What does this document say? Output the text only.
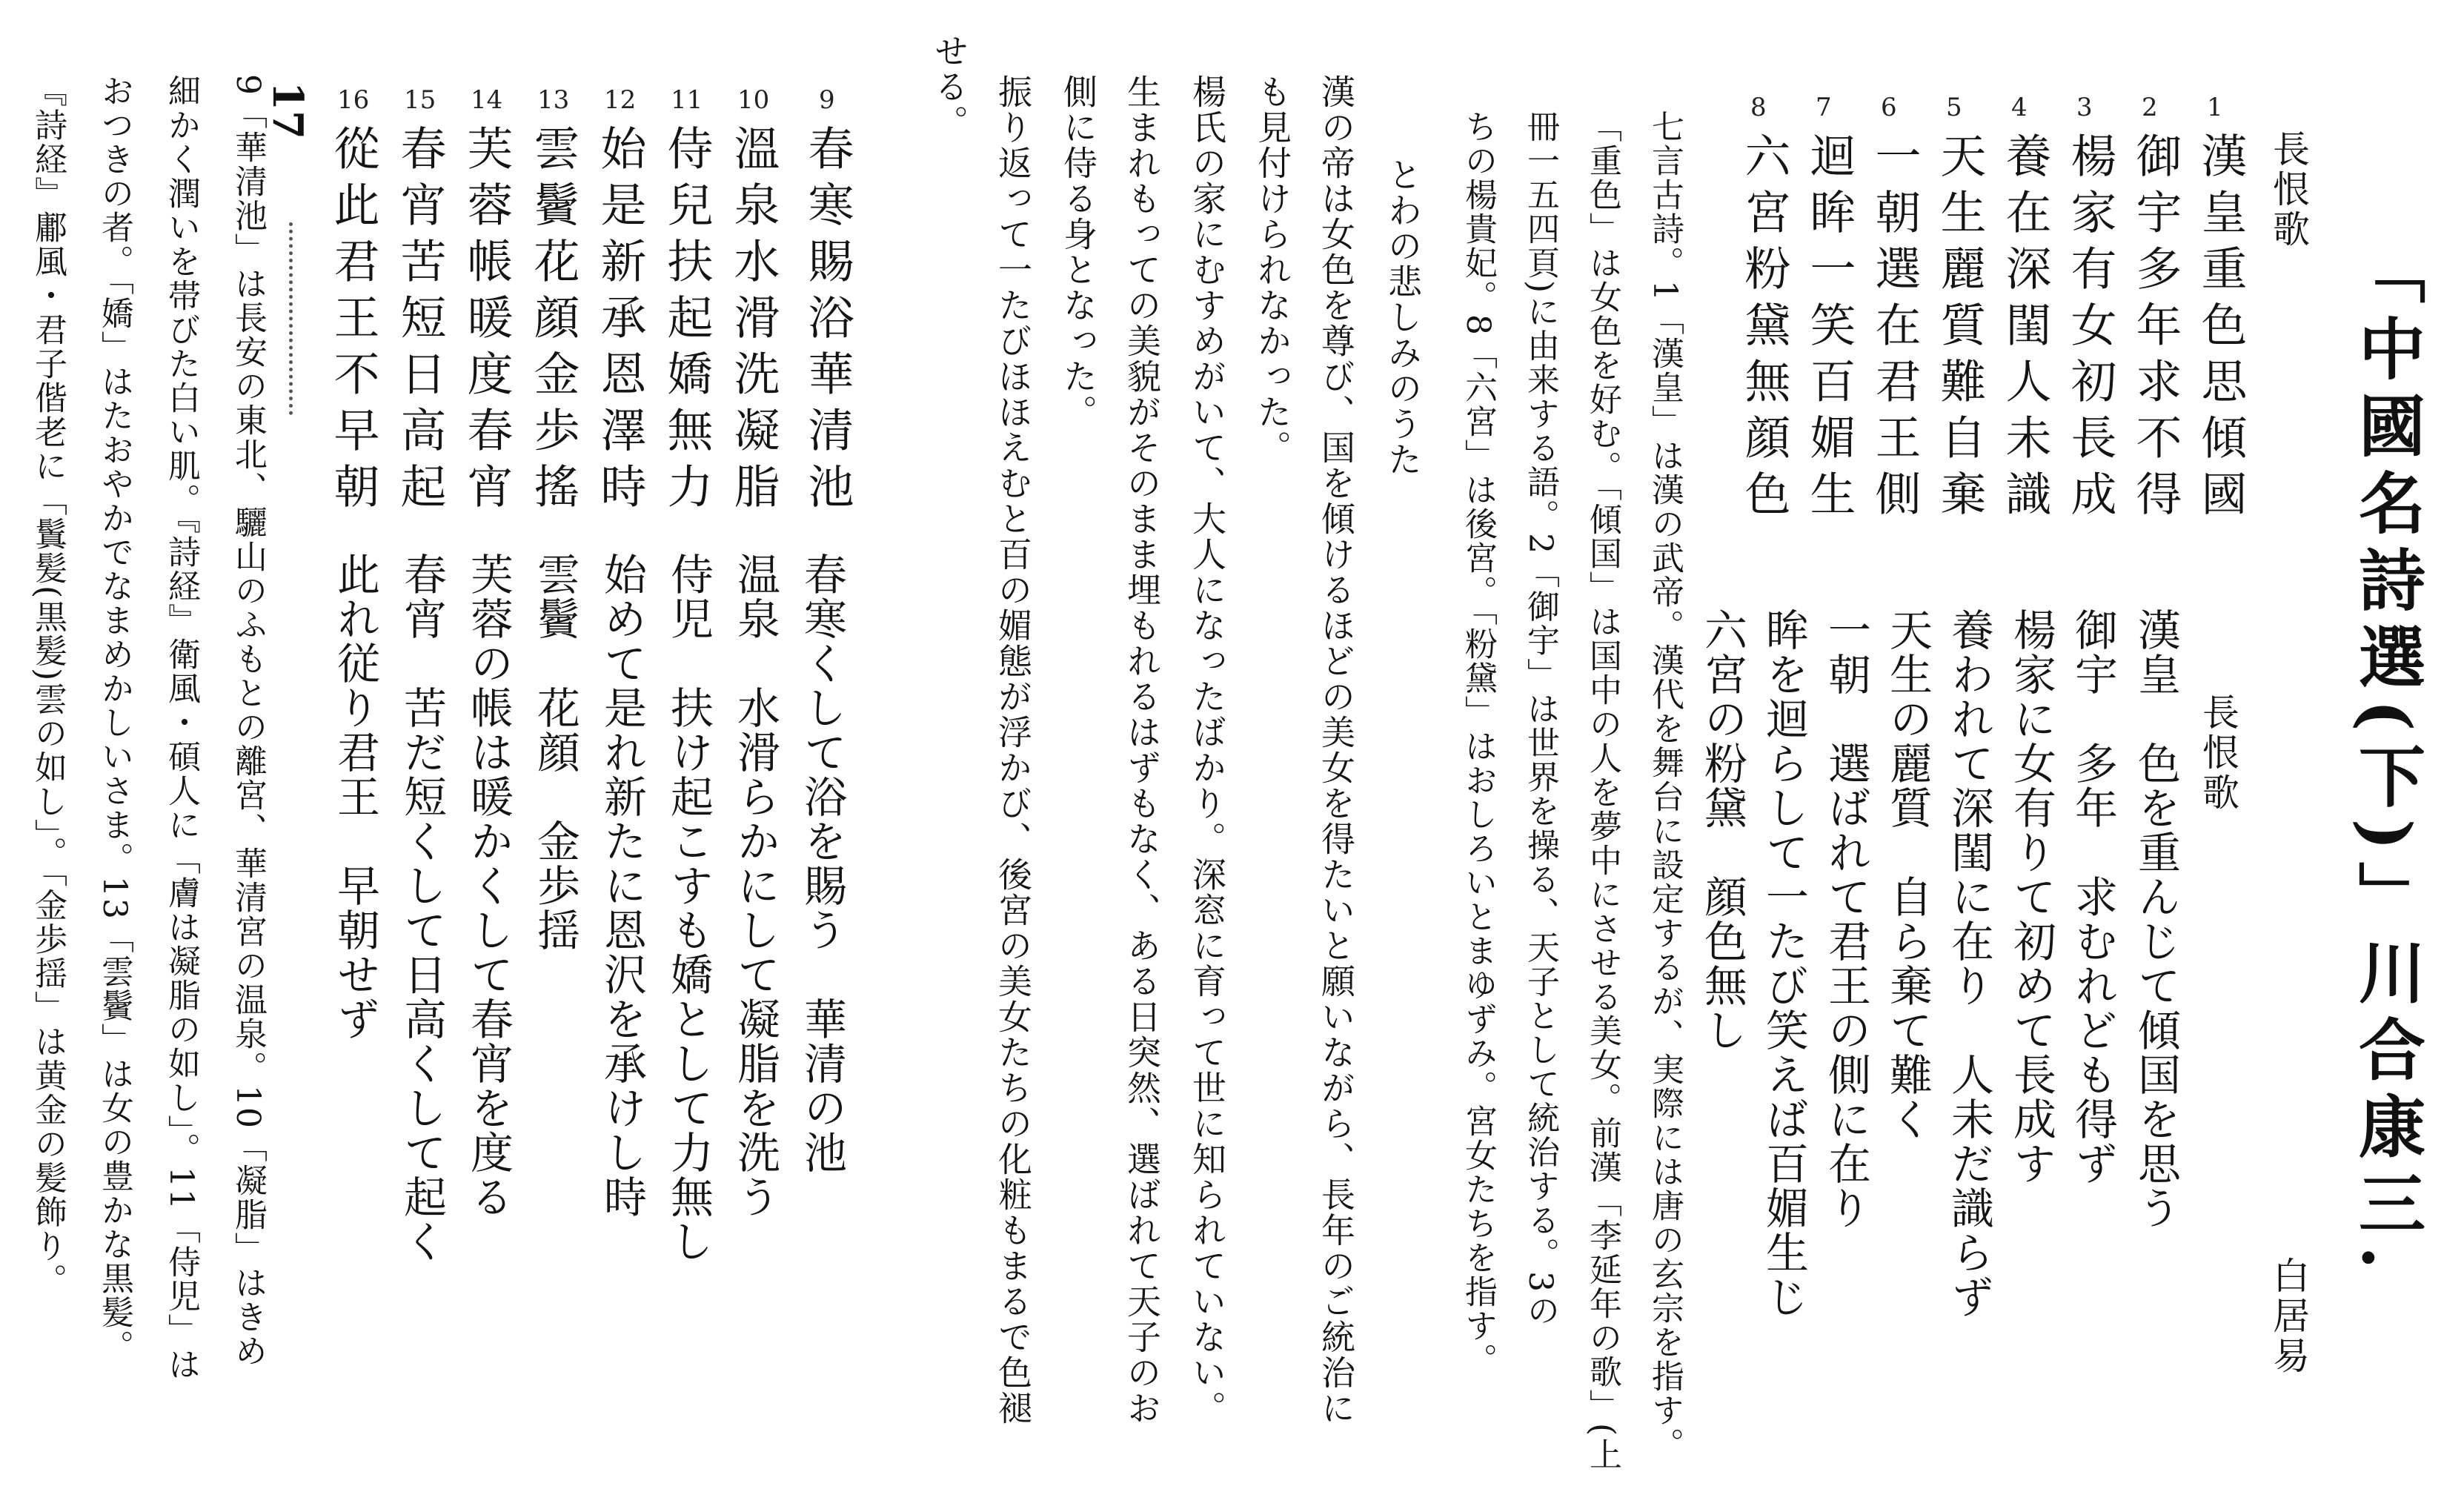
「中國名詩選(下)」川合康三.
長恨歌
白居易
1
漢皇重色思傾國
2
御宇多年求不得
3
楊家有女初長成
4
養在深閨人未識
5
天生麗質難自棄
6
一朝選在君王側
7
迴眸一笑百媚生
8
六宮粉黛無顔色
長恨歌
漢皇　色を重んじて傾国を思う
御宇　多年　求むれども得ず
楊家に女有りて初めて長成す
養われて深閨に在り　人未だ識らず
天生の麗質　自ら棄て難く
一朝　選ばれて君王の側に在り
眸を迴らして一たび笑えば百媚生じ
六宮の粉黛　顔色無し
七言古詩。1「漢皇」は漢の武帝。漢代を舞台に設定するが、実際には唐の玄宗を指す。
「重色」は女色を好む。「傾国」は国中の人を夢中にさせる美女。前漢「李延年の歌」(上
冊一五四頁)に由来する語。2「御宇」は世界を操る、天子として統治する。3の
ちの楊貴妃。8「六宮」は後宮。「粉黛」はおしろいとまゆずみ。宮女たちを指す。
とわの悲しみのうた
漢の帝は女色を尊び、国を傾けるほどの美女を得たいと願いながら、長年のご統治に
も見付けられなかった。
楊氏の家にむすめがいて、大人になったばかり。深窓に育って世に知られていない。
生まれもっての美貌がそのまま埋もれるはずもなく、ある日突然、選ばれて天子のお
側に侍る身となった。
振り返って一たびほほえむと百の媚態が浮かび、後宮の美女たちの化粧もまるで色褪
せる。
9
春寒賜浴華清池
10
溫泉水滑洗凝脂
11
侍兒扶起嬌無力
12
始是新承恩澤時
13
雲鬢花顔金歩搖
14
芙蓉帳暖度春宵
15
春宵苦短日高起
16
從此君王不早朝
春寒くして浴を賜う　華清の池
温泉　水滑らかにして凝脂を洗う
侍児　扶け起こすも嬌として力無し
始めて是れ新たに恩沢を承けし時
雲鬢　花顔　金歩揺
芙蓉の帳は暖かくして春宵を度る
春宵　苦だ短くして日高くして起く
此れ従り君王　早朝せず
17
9「華清池」は長安の東北、驪山のふもとの離宮、華清宮の温泉。10「凝脂」はきめ
細かく潤いを帯びた白い肌。『詩経』衛風・碩人に「膚は凝脂の如し」。11「侍児」は
おつきの者。「嬌」はたおやかでなまめかしいさま。13「雲鬢」は女の豊かな黒髪。
『詩経』鄘風・君子偕老に「鬒髪(黒髪)雲の如し」。「金歩揺」は黄金の髪飾り。
